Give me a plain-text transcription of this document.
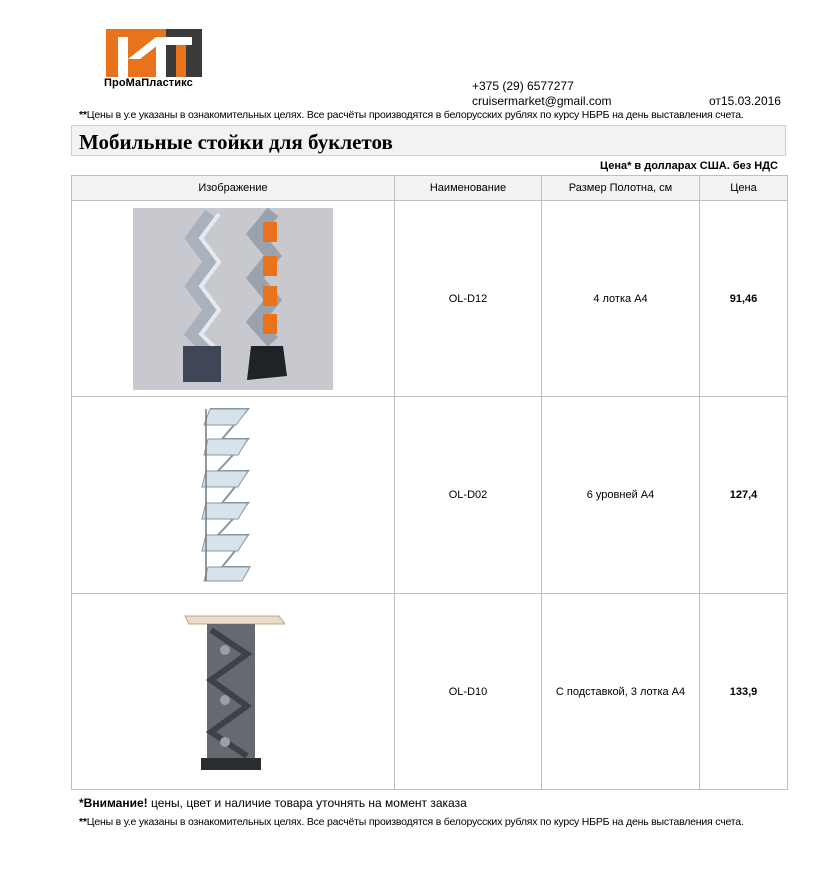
ПроМаПластикс	+375 (29) 6577277
cruisermarket@gmail.com	от15.03.2016
**Цены в у.е указаны в ознакомительных целях. Все расчёты производятся в белорусских рублях по курсу НБРБ на день выставления счета.
Мобильные стойки для буклетов
Цена* в долларах США. без НДС
Изображение	Наименование	Размер Полотна, см	Цена

	OL-D12	4 лотка А4	91,46

	OL-D02	6 уровней А4	127,4

	OL-D10	С подставкой, 3 лотка А4	133,9
*Внимание! цены, цвет и наличие товара уточнять на момент заказа
**Цены в у.е указаны в ознакомительных целях. Все расчёты производятся в белорусских рублях по курсу НБРБ на день выставления счета.
